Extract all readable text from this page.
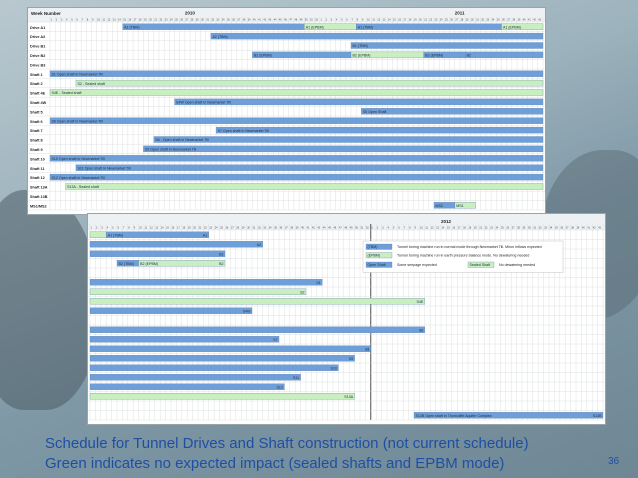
Week Number	2010	2011
1 2 3 4 5 6 7 8 9 10 11 12 13 14 15 16 17 18 19 20 21 22 23 24 25 26 27 28 29 30 31 32 33 34 35 36 37 38 39 40 41 42 43 44 45 46 47 48 49 50 51 52 1 2 3 4 5 6 7 8 9 10 11 12 13 14 15 16 17 18 19 20 21 22 23 24 25 26 27 28 29 30 31 32 33 34 35 36 37 38 39 40 41 42 43
Drive A1	A1 (TBM)	A1 (EPBM)	A1 (TBM)	A1 (EPBM)
Drive A2	A2 (TBM)
Drive B1	B1 (TBM)
Drive B2	B2 (EPBM)	B2 (EPBM)	B2 (EPBM)	B2
Drive B3
Shaft 1 S1 Open shaft in Newmarket Till
Shaft 2	S2 - Sealed shaft
Shaft 4E S4E - Sealed shaft
Shaft 4W	S4W Open shaft in Newmarket Till
Shaft 5	S5 Open Shaft
Shaft 6 S6 Open shaft in Newmarket Till
Shaft 7	S7 Open shaft in Newmarket Till
Shaft 8	S8 - Open shaft in Newmarket Till
Shaft 9	S9 Open shaft in Newmarket Till
Shaft 10 S10 Open shaft in Newmarket Till
Shaft 11	S11 Open shaft in Newmarket Till
Shaft 12 S12 Open shaft in Newmarket Till
Shaft 13A	S13A - Sealed shaft
Shaft 13B
MS1/MS2	MS2	MS1
2012
1 2 3 4 5 6 7 8 9 10 11 12 13 14 15 16 17 18 19 20 21 22 23 24 25 26 27 28 29 30 31 32 33 34 35 36 37 38 39 40 41 42 43 44 45 46 47 48 49 50 51 52 1 2 3 4 5 6 7 8 9 10 11 12 13 14 15 16 17 18 19 20 21 22 23 24 25 26 27 28 29 30 31 32 33 34 35 36 37 38 39 40 41 42 43
A1 (TBM)	A1
A2
B1
B2 (TBM) B2 (EPBM)	B2
S1
S2
S4E
S4W
S6
S7
S8
S9
S10
S11
S12
S13A
S13B Open shaft in Thorncliffe Aquifer Complex	S13B
(TBM)	Tunnel boring machine run in normal mode through Newmarket Till. Minor inflows expected
(EPBM)	Tunnel boring machine run in earth pressure balance mode. No dewatering needed
Open Shaft	Some seepage expected	Sealed Shaft No dewatering needed
Schedule for Tunnel Drives and Shaft construction (not current schedule)
Green indicates no expected impact (sealed shafts and EPBM mode)	36
